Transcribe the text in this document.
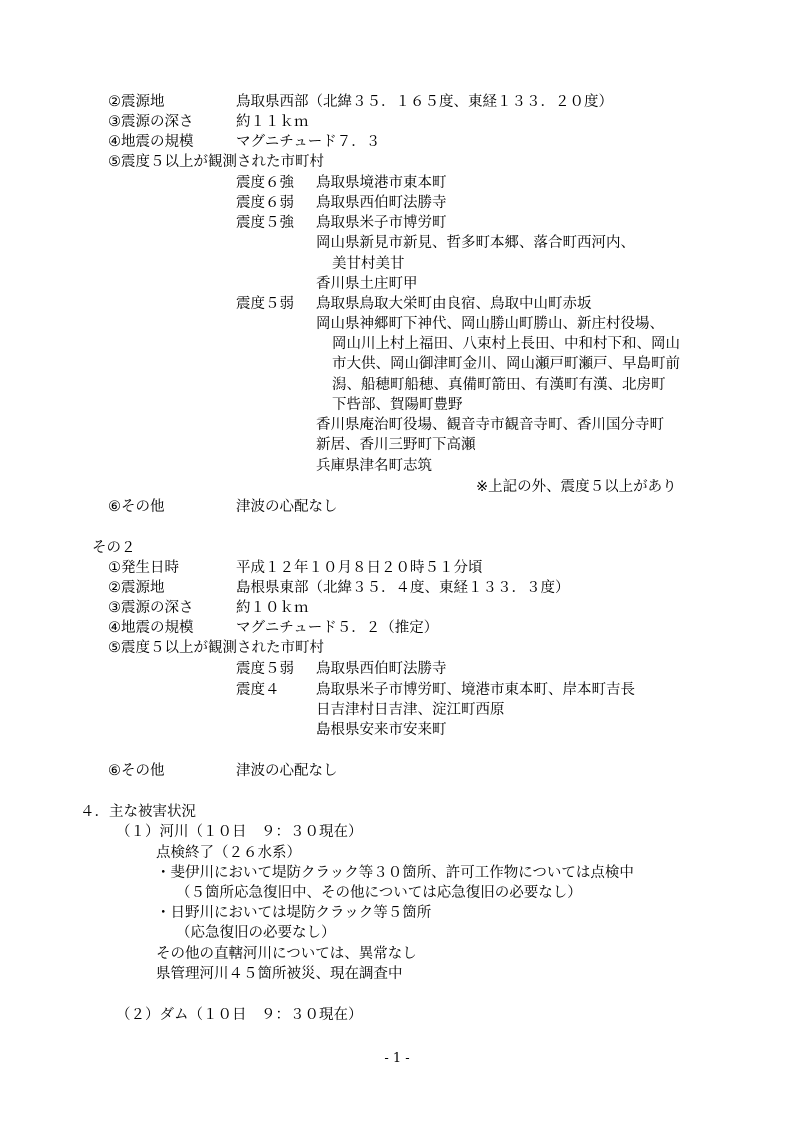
②震源地	鳥取県西部（北緯３５．１６５度、東経１３３．２０度）
③震源の深さ	約１１ｋｍ
④地震の規模	マグニチュード７．３
⑤震度５以上が観測された市町村
震度６強 鳥取県境港市東本町
震度６弱 鳥取県西伯町法勝寺
震度５強 鳥取県米子市博労町
岡山県新見市新見、哲多町本郷、落合町西河内、
美甘村美甘
香川県土庄町甲
震度５弱 鳥取県鳥取大栄町由良宿、鳥取中山町赤坂
岡山県神郷町下神代、岡山勝山町勝山、新庄村役場、
岡山川上村上福田、八束村上長田、中和村下和、岡山
市大供、岡山御津町金川、岡山瀬戸町瀬戸、早島町前
潟、船穂町船穂、真備町箭田、有漢町有漢、北房町
下呰部、賀陽町豊野
香川県庵治町役場、観音寺市観音寺町、香川国分寺町
新居、香川三野町下高瀬
兵庫県津名町志筑
※上記の外、震度５以上があり
⑥その他	津波の心配なし
その２
①発生日時	平成１２年１０月８日２０時５１分頃
②震源地	島根県東部（北緯３５．４度、東経１３３．３度）
③震源の深さ	約１０ｋｍ
④地震の規模	マグニチュード５．２（推定）
⑤震度５以上が観測された市町村
震度５弱 鳥取県西伯町法勝寺
震度４	鳥取県米子市博労町、境港市東本町、岸本町吉長
日吉津村日吉津、淀江町西原
島根県安来市安来町
⑥その他	津波の心配なし
４．主な被害状況
（１）河川（１０日　９：３０現在）
点検終了（２６水系）
・斐伊川において堤防クラック等３０箇所、許可工作物については点検中
（５箇所応急復旧中、その他については応急復旧の必要なし）
・日野川においては堤防クラック等５箇所
（応急復旧の必要なし）
その他の直轄河川については、異常なし
県管理河川４５箇所被災、現在調査中
（２）ダム（１０日　９：３０現在）
- 1 -
